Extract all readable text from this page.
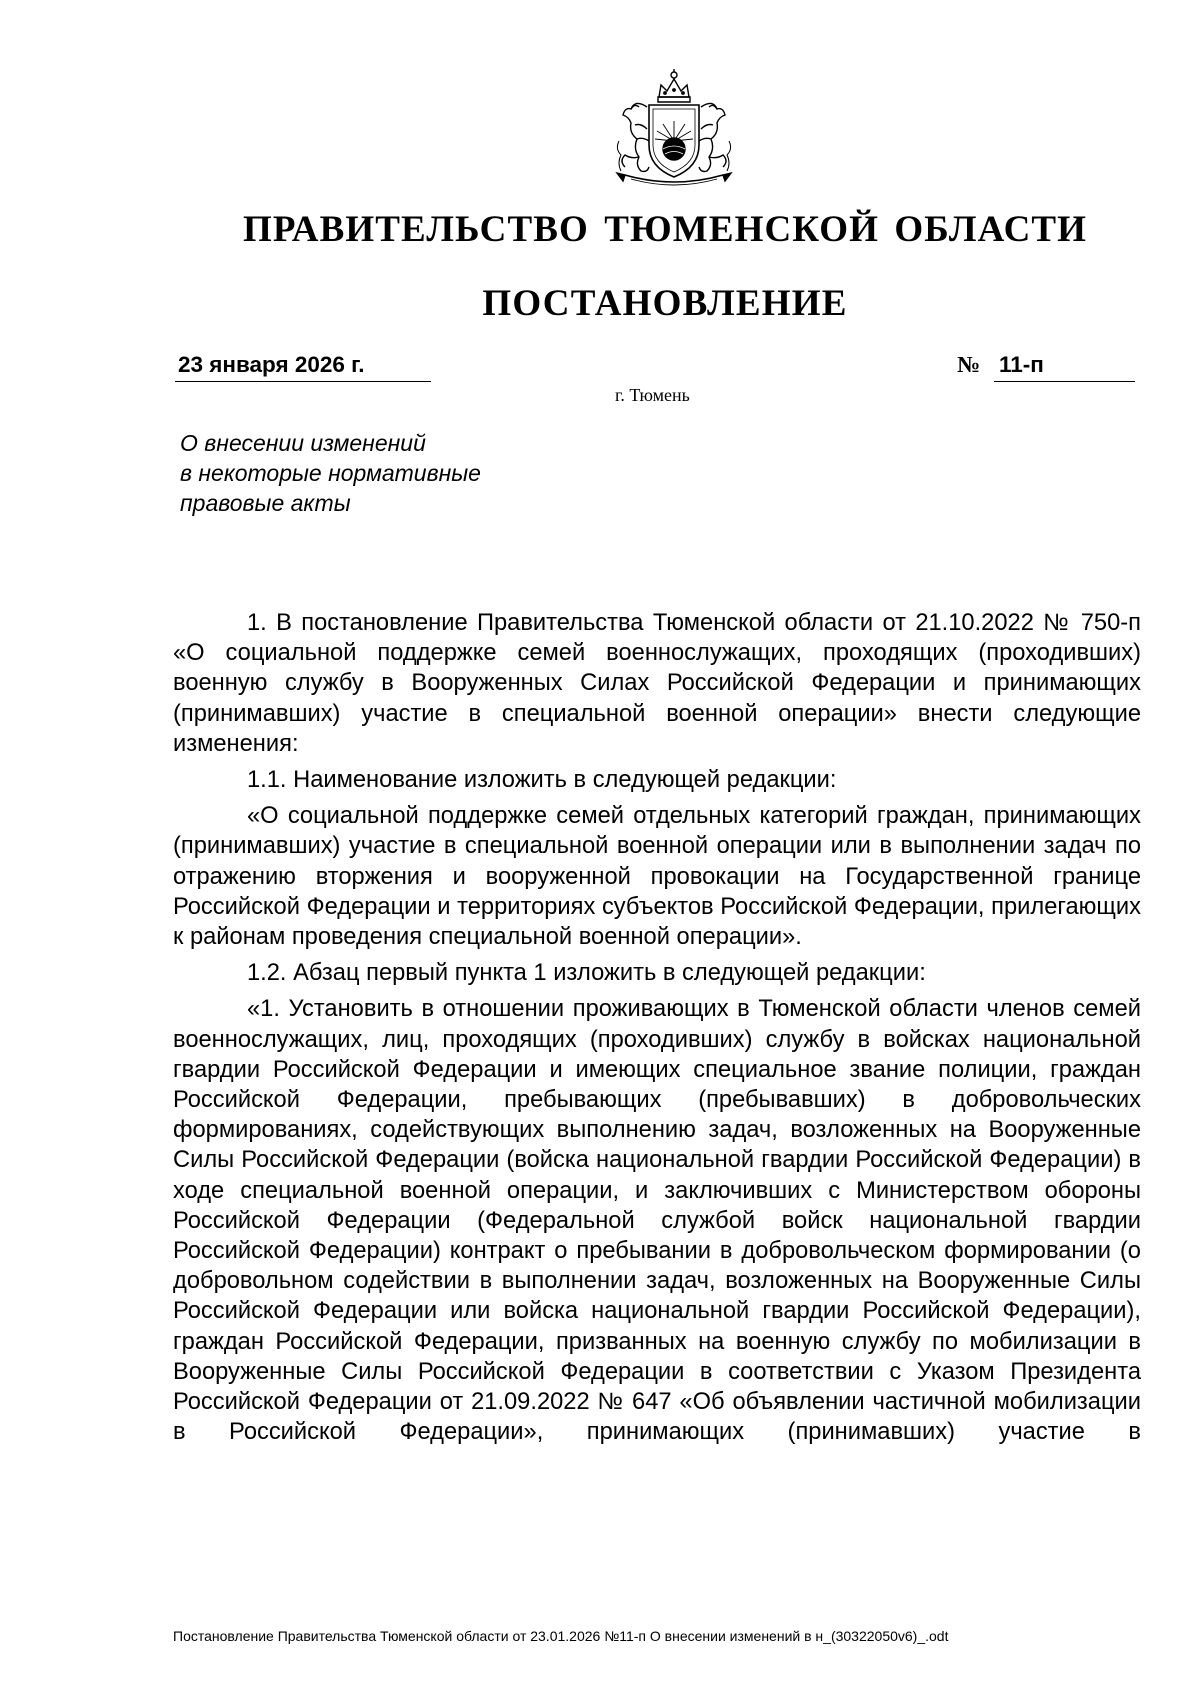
ПРАВИТЕЛЬСТВО ТЮМЕНСКОЙ ОБЛАСТИ
ПОСТАНОВЛЕНИЕ
23 января 2026 г.	№ 11-п
г. Тюмень
О внесении изменений
в некоторые нормативные
правовые акты

1. В постановление Правительства Тюменской области от 21.10.2022 № 750-п «О социальной поддержке семей военнослужащих, проходящих (проходивших) военную службу в Вооруженных Силах Российской Федерации и принимающих (принимавших) участие в специальной военной операции» внести следующие изменения:

1.1. Наименование изложить в следующей редакции:

«О социальной поддержке семей отдельных категорий граждан, принимающих (принимавших) участие в специальной военной операции или в выполнении задач по отражению вторжения и вооруженной провокации на Государственной границе Российской Федерации и территориях субъектов Российской Федерации, прилегающих к районам проведения специальной военной операции».

1.2. Абзац первый пункта 1 изложить в следующей редакции:

«1. Установить в отношении проживающих в Тюменской области членов семей военнослужащих, лиц, проходящих (проходивших) службу в войсках национальной гвардии Российской Федерации и имеющих специальное звание полиции, граждан Российской Федерации, пребывающих (пребывавших) в добровольческих формированиях, содействующих выполнению задач, возложенных на Вооруженные Силы Российской Федерации (войска национальной гвардии Российской Федерации) в ходе специальной военной операции, и заключивших с Министерством обороны Российской Федерации (Федеральной службой войск национальной гвардии Российской Федерации) контракт о пребывании в добровольческом формировании (о добровольном содействии в выполнении задач, возложенных на Вооруженные Силы Российской Федерации или войска национальной гвардии Российской Федерации), граждан Российской Федерации, призванных на военную службу по мобилизации в Вооруженные Силы Российской Федерации в соответствии с Указом Президента Российской Федерации от 21.09.2022 № 647 «Об объявлении частичной мобилизации в Российской Федерации», принимающих (принимавших) участие в

Постановление Правительства Тюменской области от 23.01.2026 №11-п О внесении изменений в н_(30322050v6)_.odt
